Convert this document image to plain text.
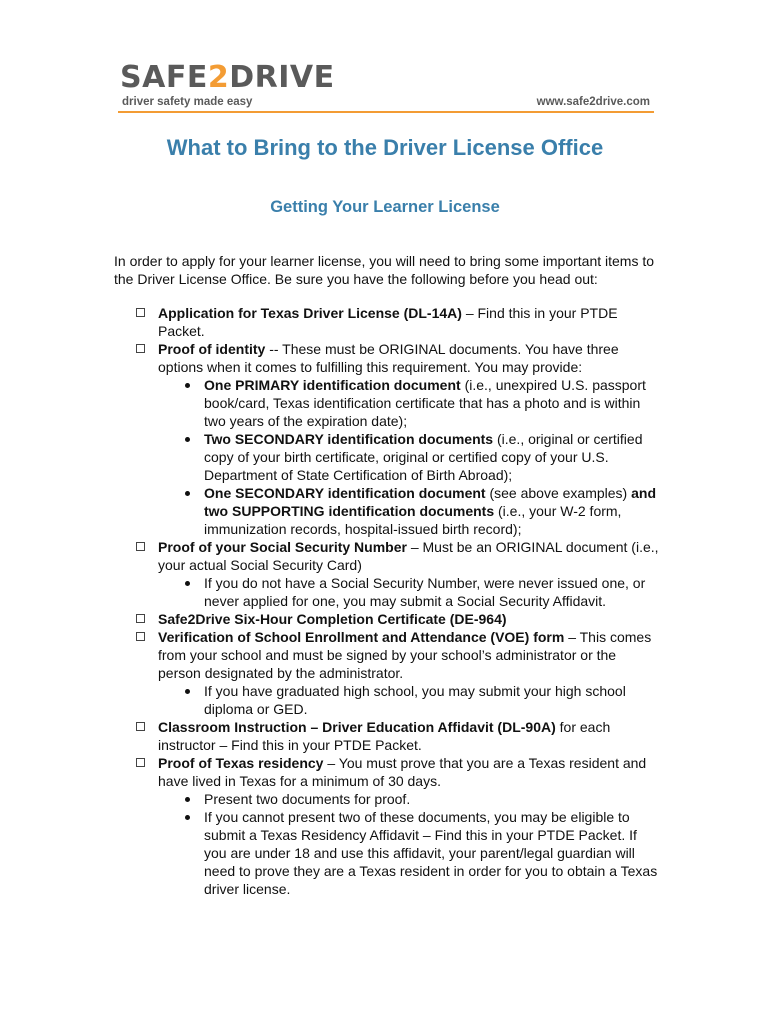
SAFE2DRIVE
driver safety made easy	www.safe2drive.com
What to Bring to the Driver License Office
Getting Your Learner License

In order to apply for your learner license, you will need to bring some important items to the Driver License Office. Be sure you have the following before you head out:

Application for Texas Driver License (DL-14A) – Find this in your PTDE Packet.
Proof of identity -- These must be ORIGINAL documents. You have three options when it comes to fulfilling this requirement. You may provide:
One PRIMARY identification document (i.e., unexpired U.S. passport book/card, Texas identification certificate that has a photo and is within two years of the expiration date);
Two SECONDARY identification documents (i.e., original or certified copy of your birth certificate, original or certified copy of your U.S. Department of State Certification of Birth Abroad);
One SECONDARY identification document (see above examples) and two SUPPORTING identification documents (i.e., your W-2 form, immunization records, hospital-issued birth record);
Proof of your Social Security Number – Must be an ORIGINAL document (i.e., your actual Social Security Card)
If you do not have a Social Security Number, were never issued one, or never applied for one, you may submit a Social Security Affidavit.
Safe2Drive Six-Hour Completion Certificate (DE-964)
Verification of School Enrollment and Attendance (VOE) form – This comes from your school and must be signed by your school’s administrator or the person designated by the administrator.
If you have graduated high school, you may submit your high school diploma or GED.
Classroom Instruction – Driver Education Affidavit (DL-90A) for each instructor – Find this in your PTDE Packet.
Proof of Texas residency – You must prove that you are a Texas resident and have lived in Texas for a minimum of 30 days.
Present two documents for proof.
If you cannot present two of these documents, you may be eligible to submit a Texas Residency Affidavit – Find this in your PTDE Packet. If you are under 18 and use this affidavit, your parent/legal guardian will need to prove they are a Texas resident in order for you to obtain a Texas driver license.
